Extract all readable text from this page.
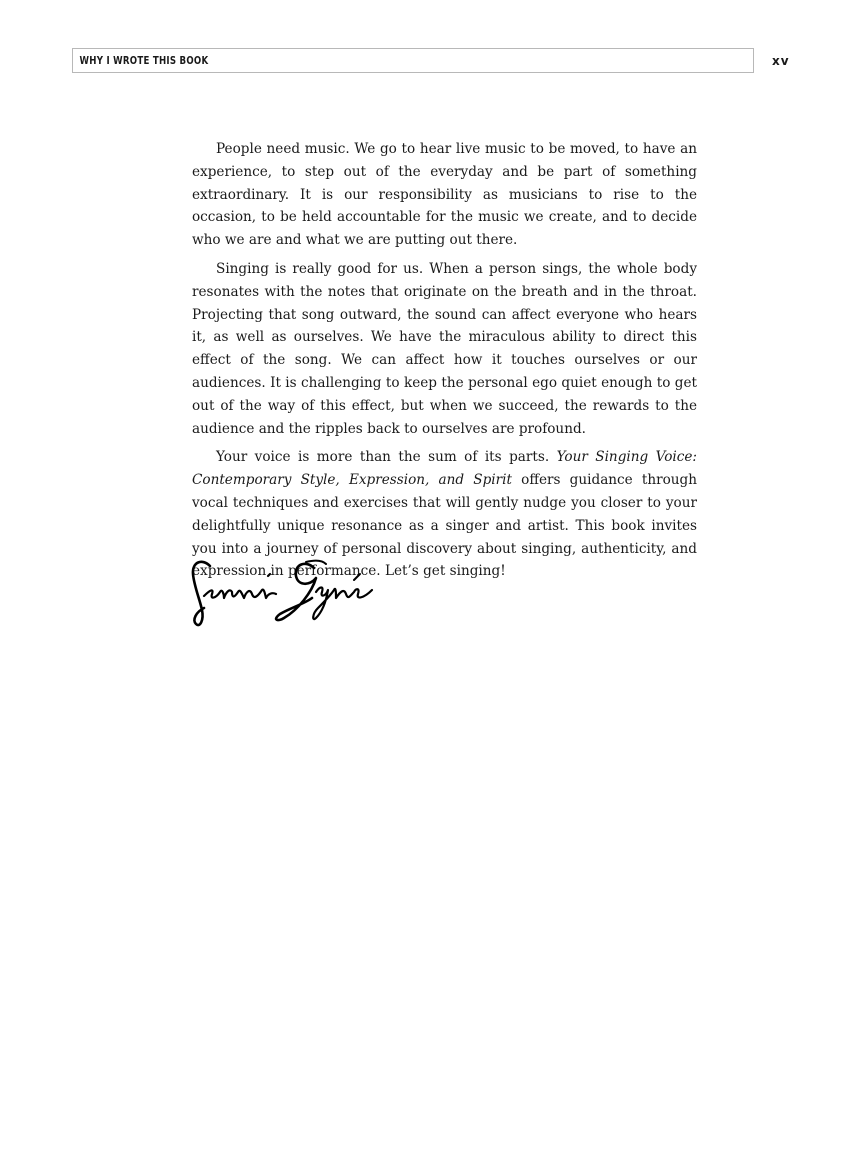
WHY I WROTE THIS BOOK	xv

People need music. We go to hear live music to be moved, to have an experience, to step out of the everyday and be part of something extraordinary. It is our responsibility as musicians to rise to the occasion, to be held accountable for the music we create, and to decide who we are and what we are putting out there.

Singing is really good for us. When a person sings, the whole body resonates with the notes that originate on the breath and in the throat. Projecting that song outward, the sound can affect everyone who hears it, as well as ourselves. We have the miraculous ability to direct this effect of the song. We can affect how it touches ourselves or our audiences. It is challenging to keep the personal ego quiet enough to get out of the way of this effect, but when we succeed, the rewards to the audience and the ripples back to ourselves are profound.

Your voice is more than the sum of its parts. Your Singing Voice: Contemporary Style, Expression, and Spirit offers guidance through vocal techniques and exercises that will gently nudge you closer to your delightfully unique resonance as a singer and artist. This book invites you into a journey of personal discovery about singing, authenticity, and expression in performance. Let’s get singing!
